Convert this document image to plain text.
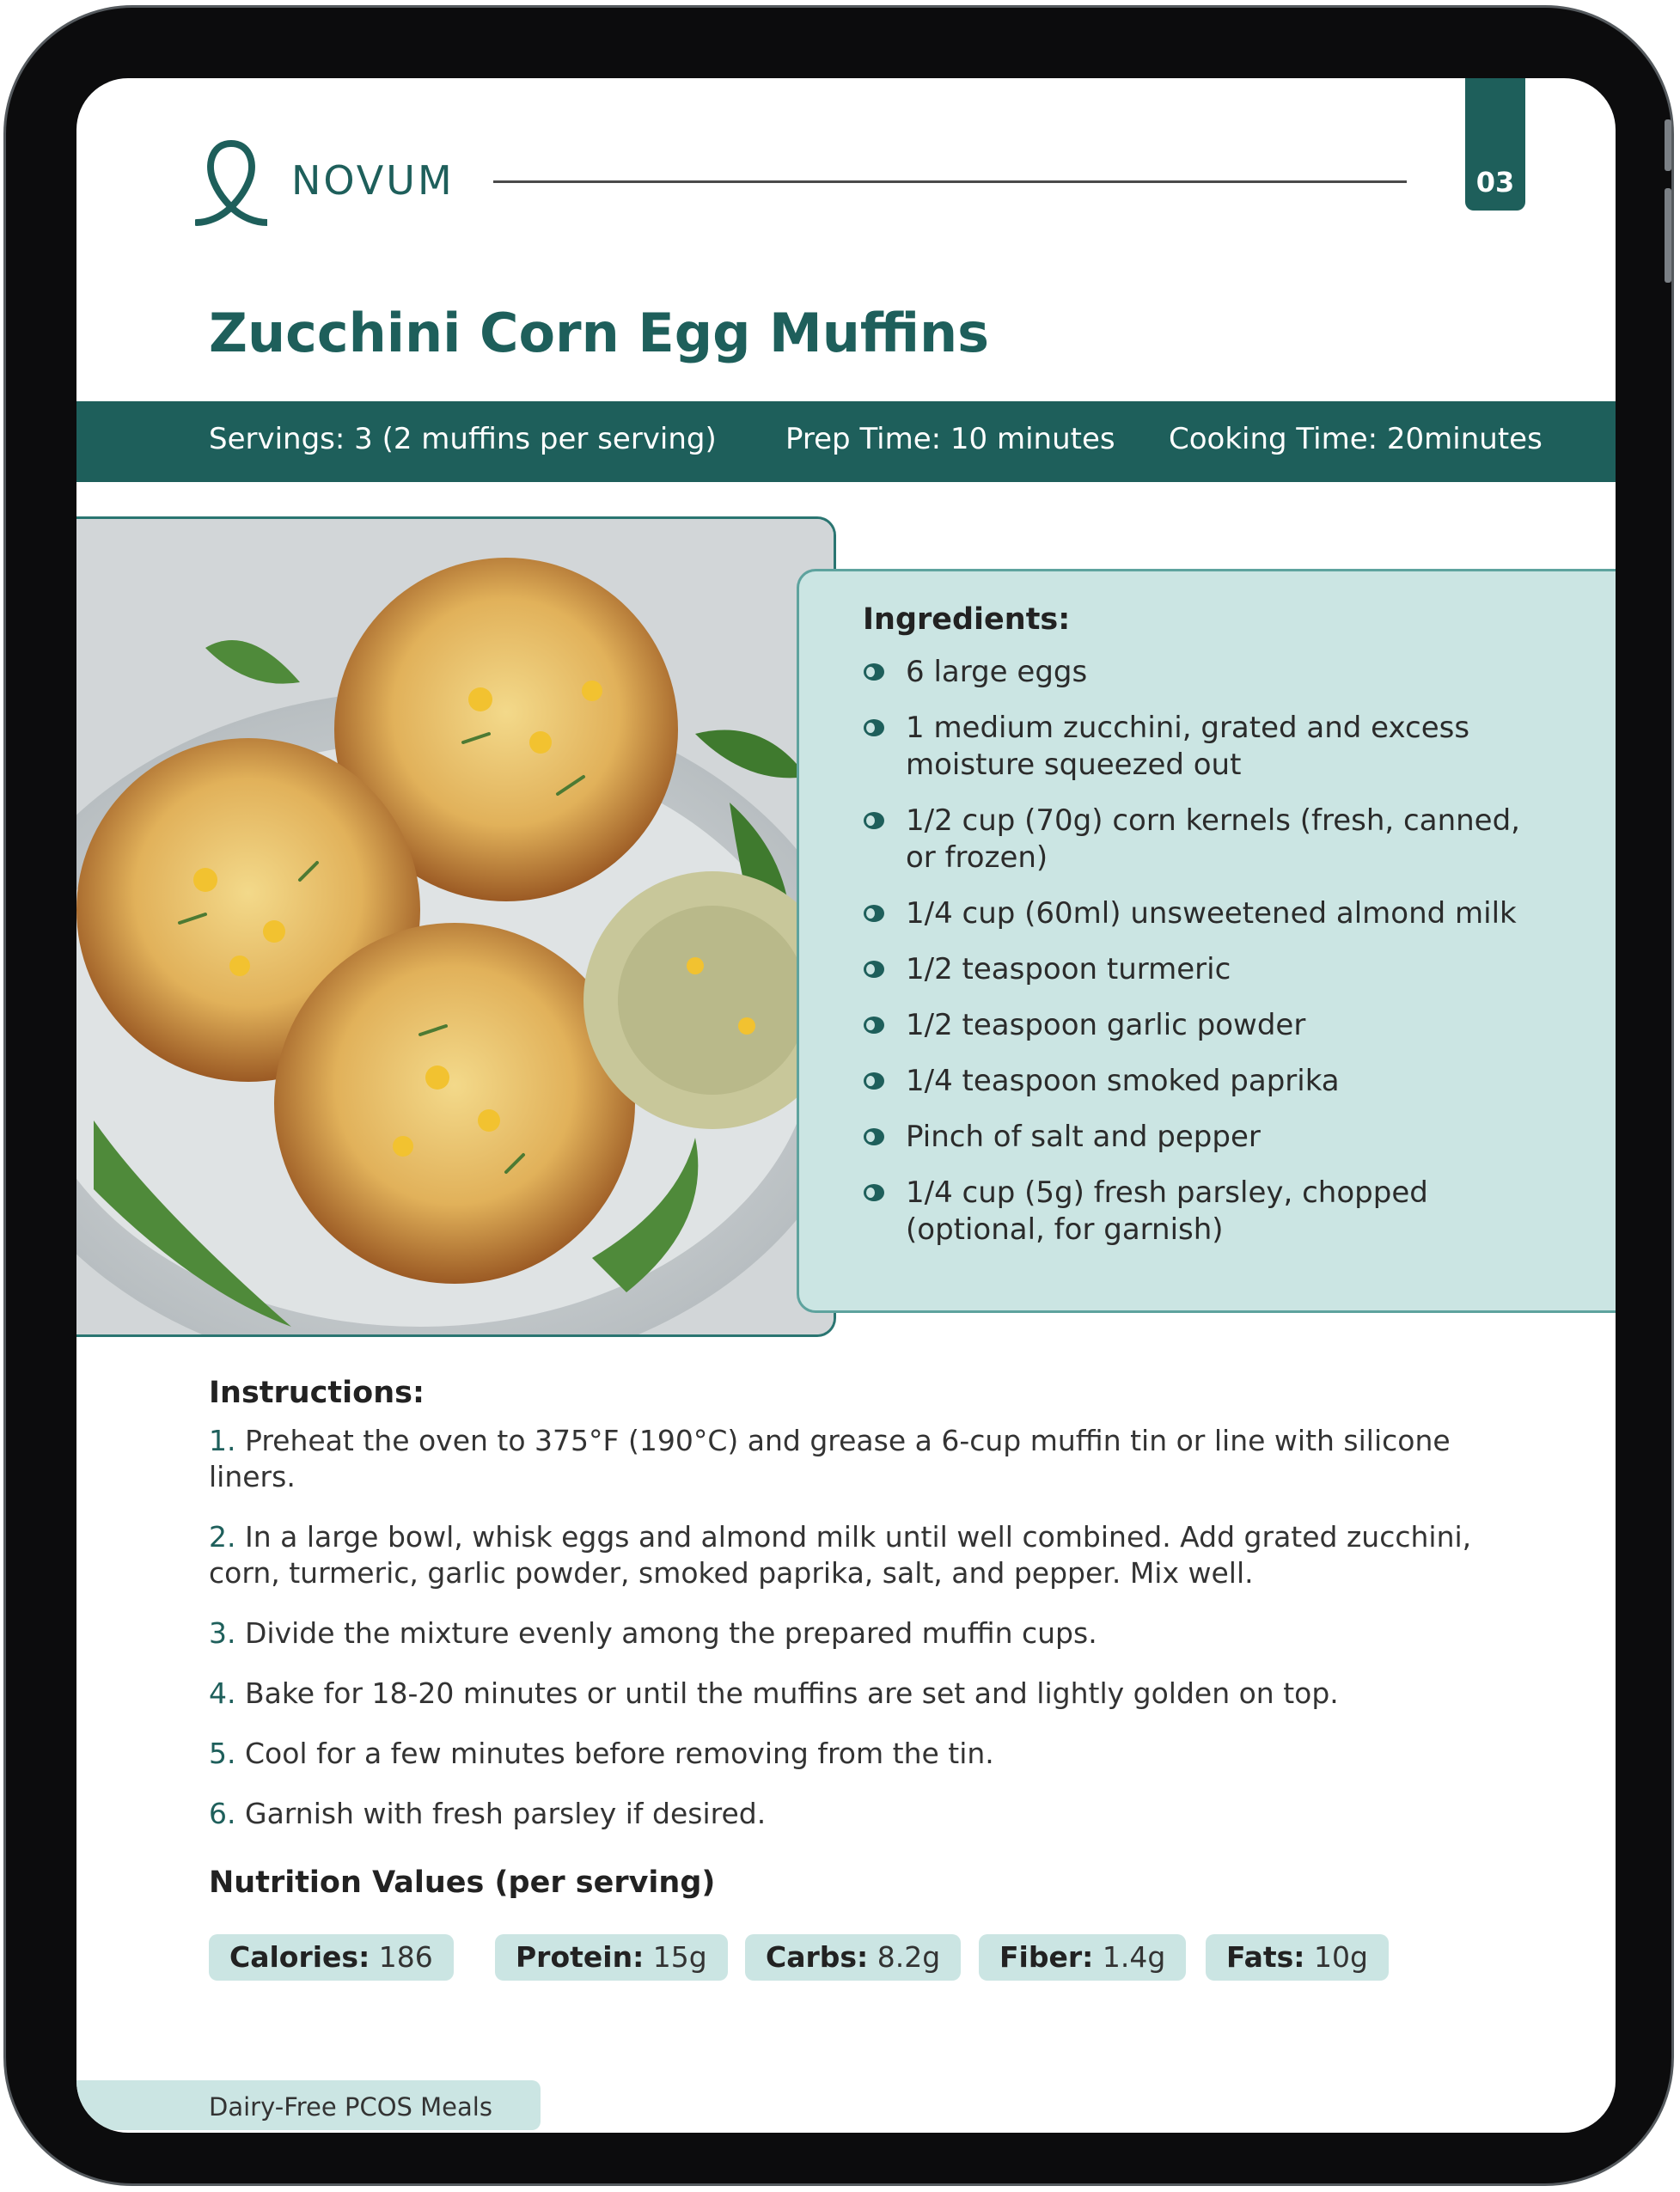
NOVUM	03
Zucchini Corn Egg Muffins
Servings: 3 (2 muffins per serving) Prep Time: 10 minutes Cooking Time: 20minutes
Ingredients:
6 large eggs
1 medium zucchini, grated and excess moisture squeezed out
1/2 cup (70g) corn kernels (fresh, canned, or frozen)
1/4 cup (60ml) unsweetened almond milk
1/2 teaspoon turmeric
1/2 teaspoon garlic powder
1/4 teaspoon smoked paprika
Pinch of salt and pepper
1/4 cup (5g) fresh parsley, chopped (optional, for garnish)
Instructions:
1. Preheat the oven to 375°F (190°C) and grease a 6-cup muffin tin or line with silicone liners.
2. In a large bowl, whisk eggs and almond milk until well combined. Add grated zucchini, corn, turmeric, garlic powder, smoked paprika, salt, and pepper. Mix well.
3. Divide the mixture evenly among the prepared muffin cups.
4. Bake for 18-20 minutes or until the muffins are set and lightly golden on top.
5. Cool for a few minutes before removing from the tin.
6. Garnish with fresh parsley if desired.
Nutrition Values (per serving)
Calories: 186	Protein: 15g	Carbs: 8.2g	Fiber: 1.4g	Fats: 10g
Dairy-Free PCOS Meals
